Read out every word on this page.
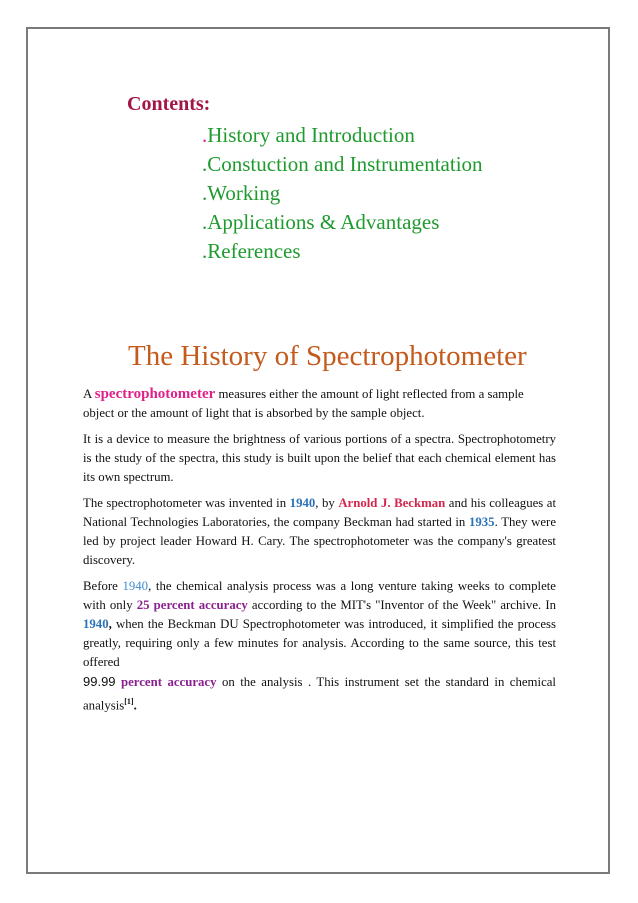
Contents:
.History and Introduction
.Constuction and Instrumentation
.Working
.Applications & Advantages
.References
The History of Spectrophotometer

A spectrophotometer measures either the amount of light reflected from a sample object or the amount of light that is absorbed by the sample object.

It is a device to measure the brightness of various portions of a spectra. Spectrophotometry is the study of the spectra, this study is built upon the belief that each chemical element has its own spectrum.

The spectrophotometer was invented in 1940, by Arnold J. Beckman and his colleagues at National Technologies Laboratories, the company Beckman had started in 1935. They were led by project leader Howard H. Cary. The spectrophotometer was the company's greatest discovery.

Before 1940, the chemical analysis process was a long venture taking weeks to complete with only 25 percent accuracy according to the MIT's "Inventor of the Week" archive. In 1940, when the Beckman DU Spectrophotometer was introduced, it simplified the process greatly, requiring only a few minutes for analysis. According to the same source, this test offered
99.99 percent accuracy on the analysis . This instrument set the standard in chemical analysis[1].
